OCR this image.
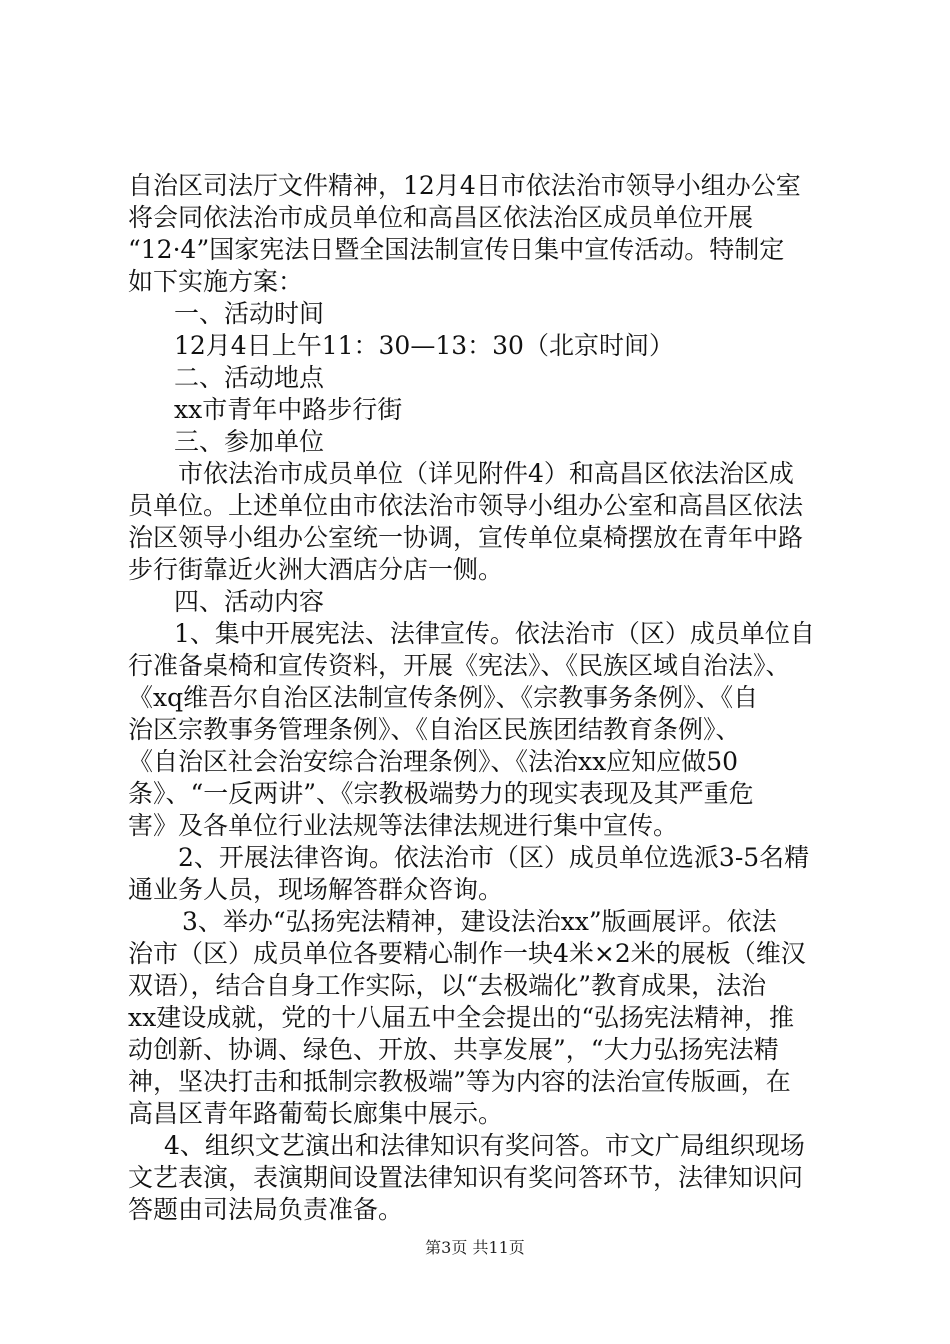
自治区司法厅文件精神，12月4日市依法治市领导小组办公室
将会同依法治市成员单位和高昌区依法治区成员单位开展
“12·4”国家宪法日暨全国法制宣传日集中宣传活动。特制定
如下实施方案：
一、活动时间
12月4日上午11：30—13：30（北京时间）
二、活动地点
xx市青年中路步行街
三、参加单位
市依法治市成员单位（详见附件4）和高昌区依法治区成
员单位。上述单位由市依法治市领导小组办公室和高昌区依法
治区领导小组办公室统一协调，宣传单位桌椅摆放在青年中路
步行街靠近火洲大酒店分店一侧。
四、活动内容
1、集中开展宪法、法律宣传。依法治市（区）成员单位自
行准备桌椅和宣传资料，开展《宪法》、《民族区域自治法》、
《xq维吾尔自治区法制宣传条例》、《宗教事务条例》、《自
治区宗教事务管理条例》、《自治区民族团结教育条例》、
《自治区社会治安综合治理条例》、《法治xx应知应做50
条》、“一反两讲”、《宗教极端势力的现实表现及其严重危
害》及各单位行业法规等法律法规进行集中宣传。
2、开展法律咨询。依法治市（区）成员单位选派3-5名精
通业务人员，现场解答群众咨询。
3、举办“弘扬宪法精神，建设法治xx”版画展评。依法
治市（区）成员单位各要精心制作一块4米×2米的展板（维汉
双语），结合自身工作实际，以“去极端化”教育成果，法治
xx建设成就，党的十八届五中全会提出的“弘扬宪法精神，推
动创新、协调、绿色、开放、共享发展”，“大力弘扬宪法精
神，坚决打击和抵制宗教极端”等为内容的法治宣传版画，在
高昌区青年路葡萄长廊集中展示。
4、组织文艺演出和法律知识有奖问答。市文广局组织现场
文艺表演，表演期间设置法律知识有奖问答环节，法律知识问
答题由司法局负责准备。
第3页 共11页
